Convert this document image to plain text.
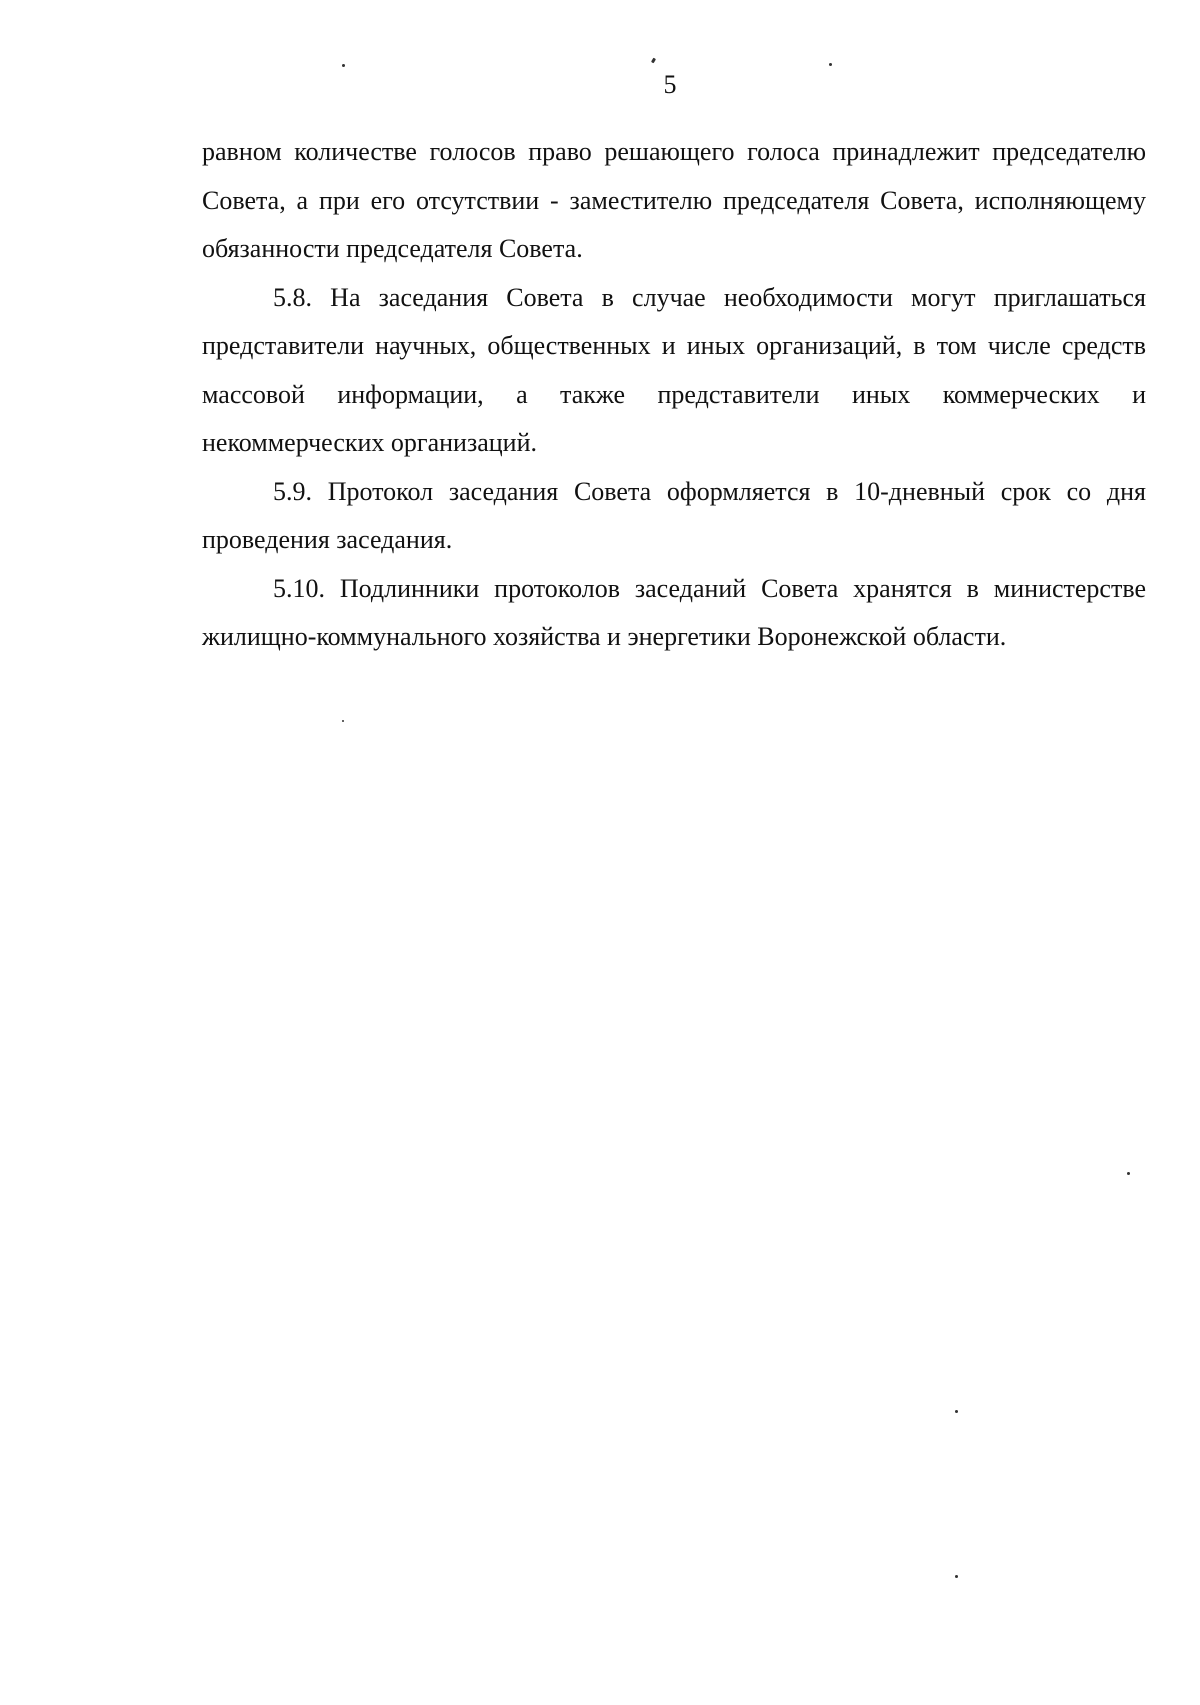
5

равном количестве голосов право решающего голоса принадлежит председателю Совета, а при его отсутствии - заместителю председателя Совета, исполняющему обязанности председателя Совета.

5.8. На заседания Совета в случае необходимости могут приглашаться представители научных, общественных и иных организаций, в том числе средств массовой информации, а также представители иных коммерческих и некоммерческих организаций.

5.9. Протокол заседания Совета оформляется в 10-дневный срок со дня проведения заседания.

5.10. Подлинники протоколов заседаний Совета хранятся в министерстве жилищно-коммунального хозяйства и энергетики Воронежской области.
